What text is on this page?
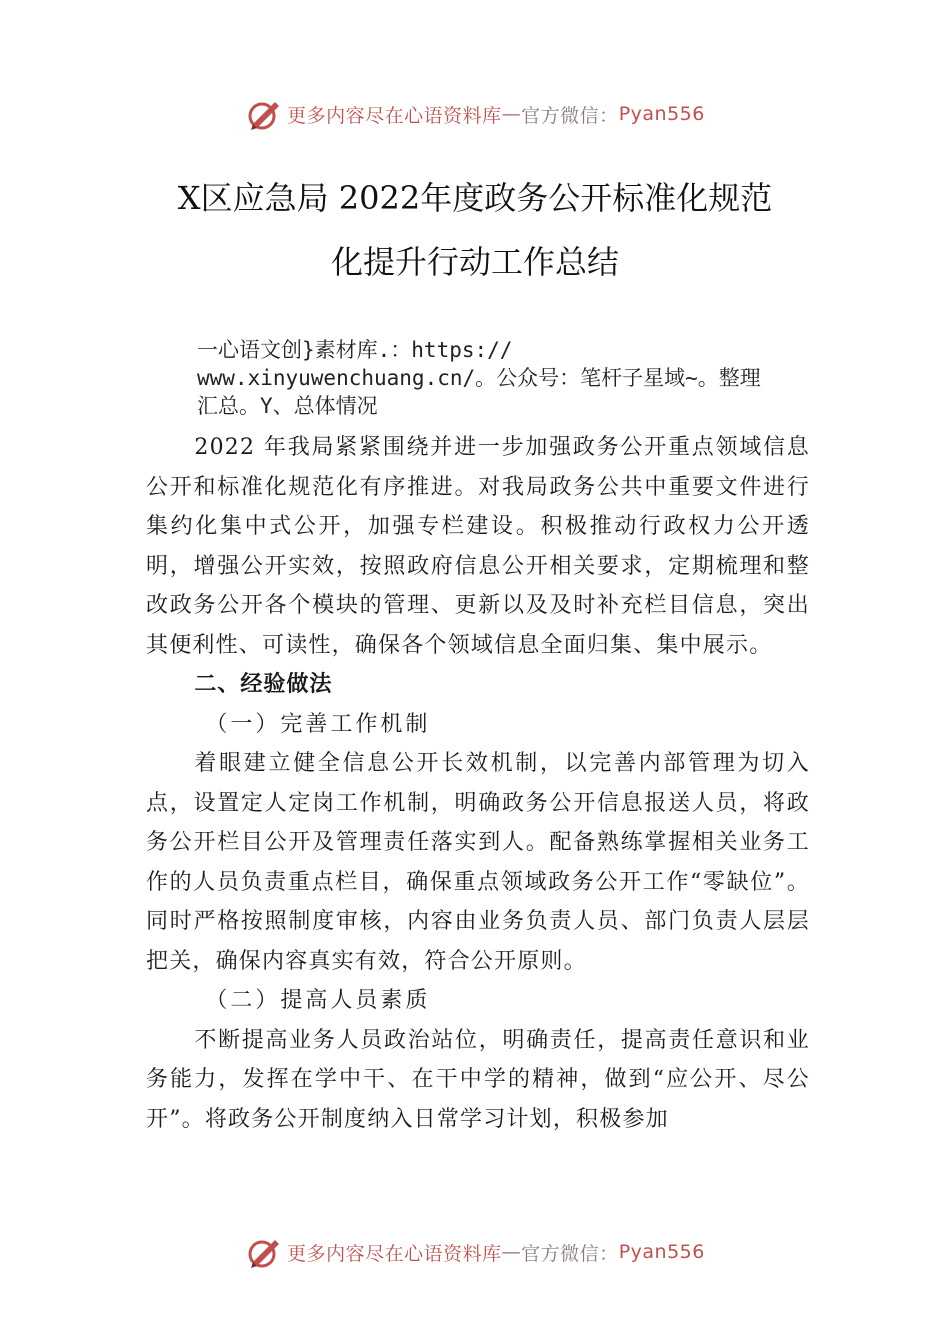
更多内容尽在心语资料库 — 官方微信： Pyan556
X区应急局 2022年度政务公开标准化规范
化提升行动工作总结
一心语文创}素材库.：https://
www.xinyuwenchuang.cn/。公众号：笔杆子星域~。整理
汇总。Y、总体情况

2022 年我局紧紧围绕并进一步加强政务公开重点领域信息公开和标准化规范化有序推进。对我局政务公共中重要文件进行集约化集中式公开，加强专栏建设。积极推动行政权力公开透明，增强公开实效，按照政府信息公开相关要求，定期梳理和整改政务公开各个模块的管理、更新以及及时补充栏目信息，突出其便利性、可读性，确保各个领域信息全面归集、集中展示。

二、经验做法
（一）完善工作机制

着眼建立健全信息公开长效机制，以完善内部管理为切入点，设置定人定岗工作机制，明确政务公开信息报送人员，将政务公开栏目公开及管理责任落实到人。配备熟练掌握相关业务工作的人员负责重点栏目，确保重点领域政务公开工作“零缺位”。同时严格按照制度审核，内容由业务负责人员、部门负责人层层把关，确保内容真实有效，符合公开原则。

（二）提高人员素质

不断提高业务人员政治站位，明确责任，提高责任意识和业务能力，发挥在学中干、在干中学的精神，做到“应公开、尽公开”。将政务公开制度纳入日常学习计划，积极参加

更多内容尽在心语资料库 — 官方微信： Pyan556
